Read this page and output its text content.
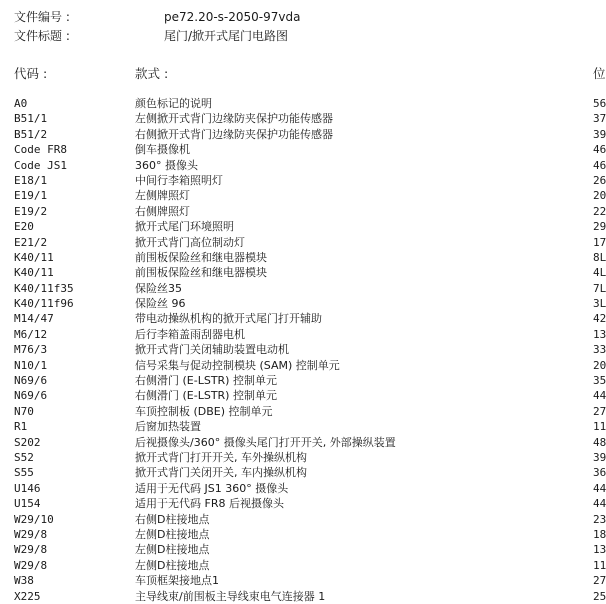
文件编号 :	pe72.20-s-2050-97vda
文件标题 :	尾门/掀开式尾门电路图
代码 :	款式 :	位
A0	颜色标记的说明	56
B51/1	左侧掀开式背门边缘防夹保护功能传感器	37
B51/2	右侧掀开式背门边缘防夹保护功能传感器	39
Code FR8	倒车摄像机	46
Code JS1	360° 摄像头	46
E18/1	中间行李箱照明灯	26
E19/1	左侧牌照灯	20
E19/2	右侧牌照灯	22
E20	掀开式尾门环境照明	29
E21/2	掀开式背门高位制动灯	17
K40/11	前围板保险丝和继电器模块	8L
K40/11	前围板保险丝和继电器模块	4L
K40/11f35	保险丝35	7L
K40/11f96	保险丝 96	3L
M14/47	带电动操纵机构的掀开式尾门打开辅助	42
M6/12	后行李箱盖雨刮器电机	13
M76/3	掀开式背门关闭辅助装置电动机	33
N10/1	信号采集与促动控制模块 (SAM) 控制单元	20
N69/6	右侧滑门 (E-LSTR) 控制单元	35
N69/6	右侧滑门 (E-LSTR) 控制单元	44
N70	车顶控制板 (DBE) 控制单元	27
R1	后窗加热装置	11
S202	后视摄像头/360° 摄像头尾门打开开关, 外部操纵装置	48
S52	掀开式背门打开开关, 车外操纵机构	39
S55	掀开式背门关闭开关, 车内操纵机构	36
U146	适用于无代码 JS1 360° 摄像头	44
U154	适用于无代码 FR8 后视摄像头	44
W29/10	右侧D柱接地点	23
W29/8	左侧D柱接地点	18
W29/8	左侧D柱接地点	13
W29/8	左侧D柱接地点	11
W38	车顶框架接地点1	27
X225	主导线束/前围板主导线束电气连接器 1	25
